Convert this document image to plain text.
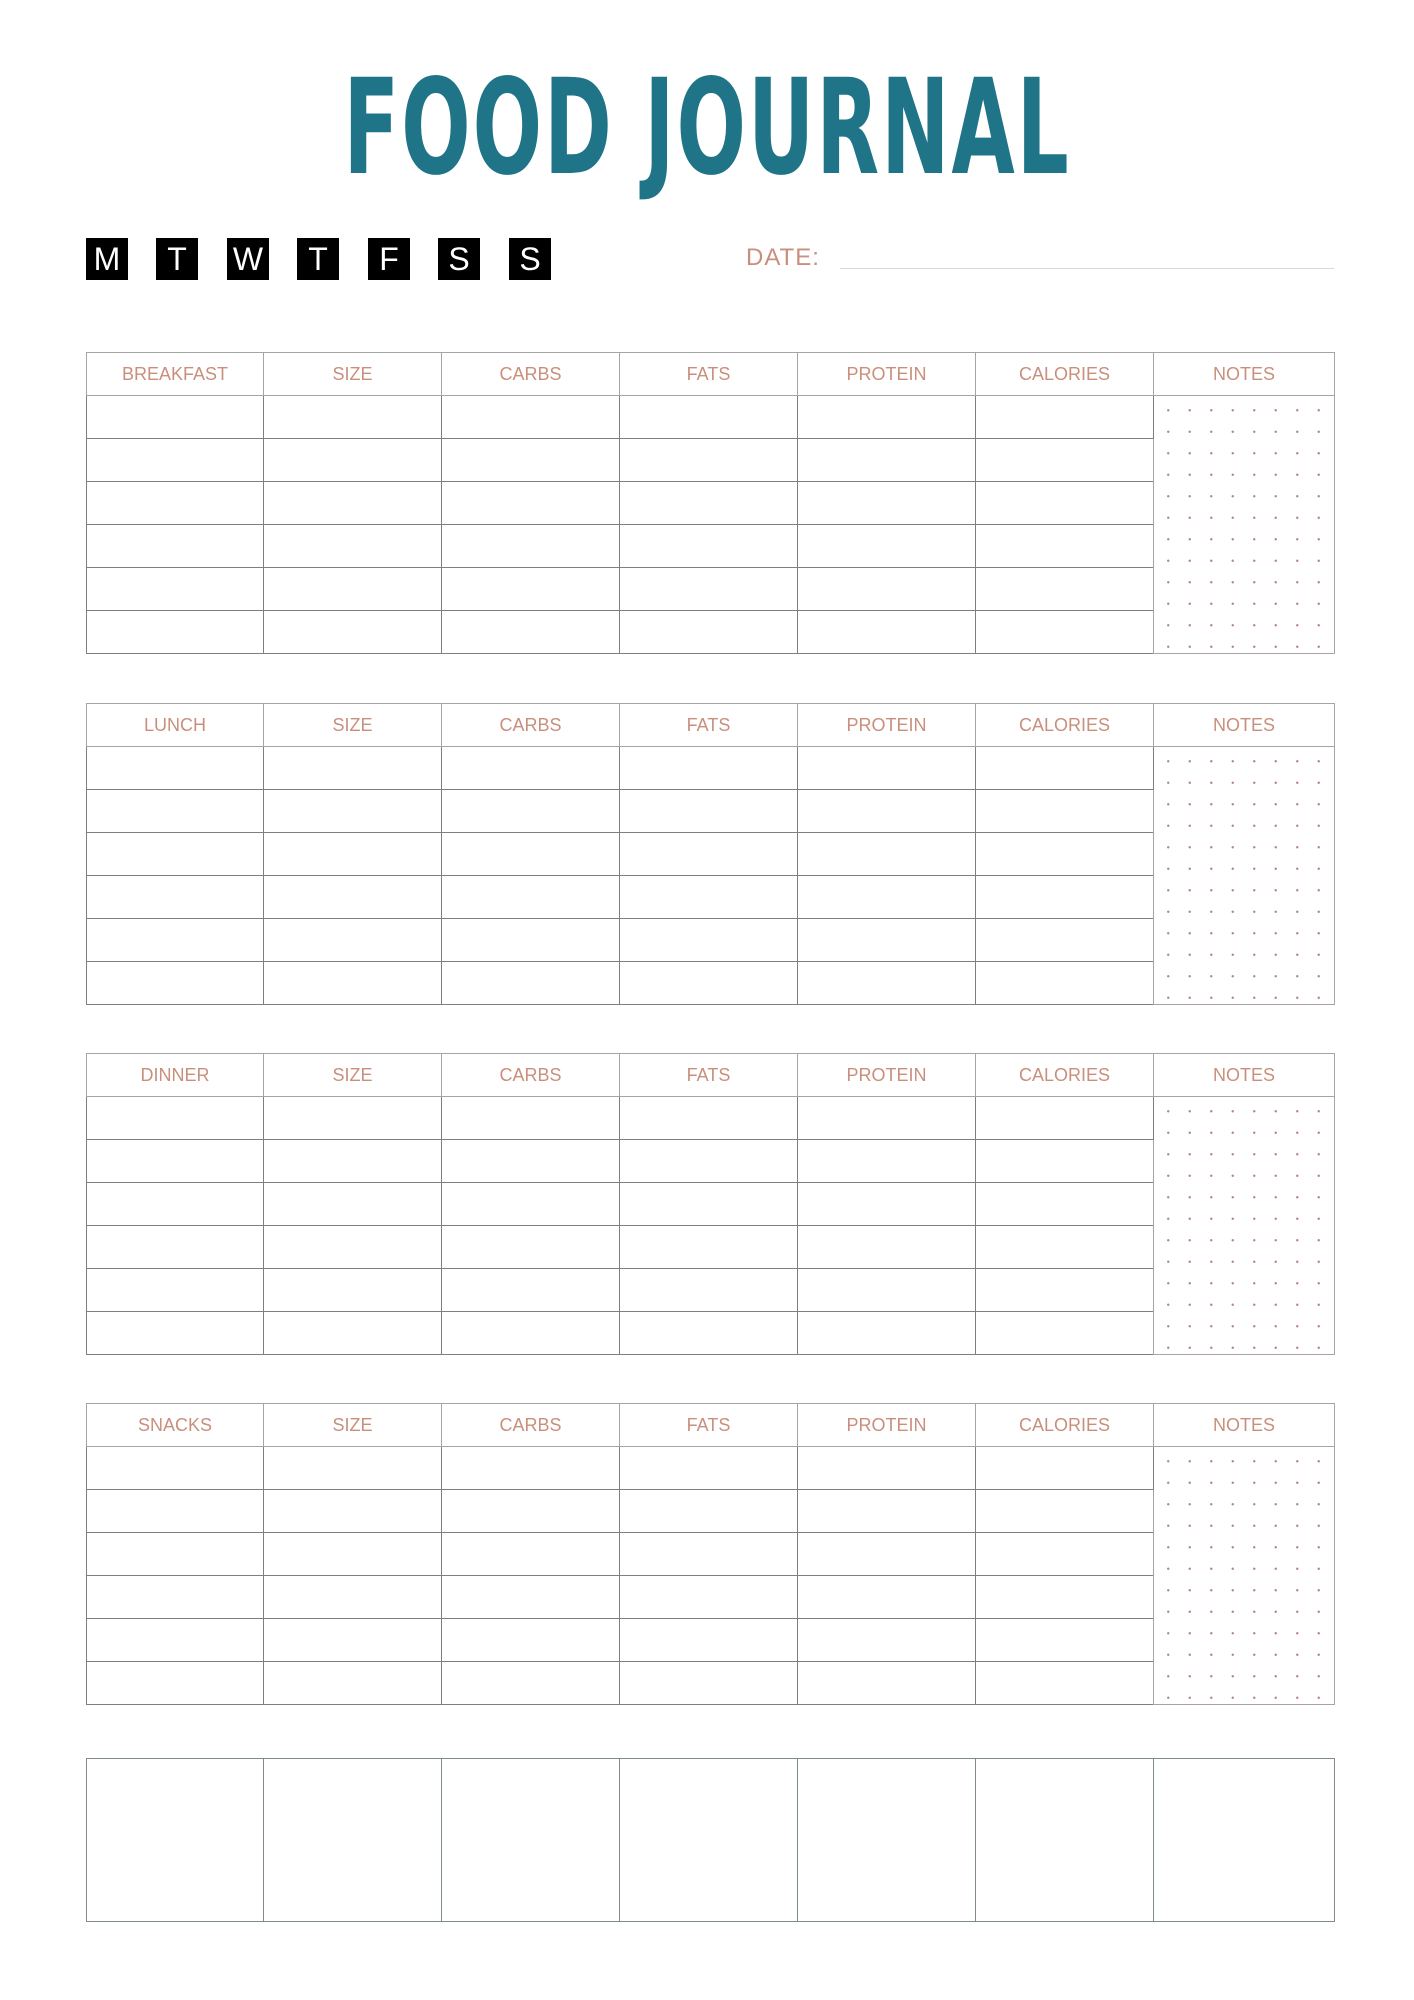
FOOD JOURNAL
M	T	W	T	F	S	S	DATE:
BREAKFAST	SIZE	CARBS	FATS	PROTEIN	CALORIES	NOTES

LUNCH	SIZE	CARBS	FATS	PROTEIN	CALORIES	NOTES

DINNER	SIZE	CARBS	FATS	PROTEIN	CALORIES	NOTES

SNACKS	SIZE	CARBS	FATS	PROTEIN	CALORIES	NOTES
